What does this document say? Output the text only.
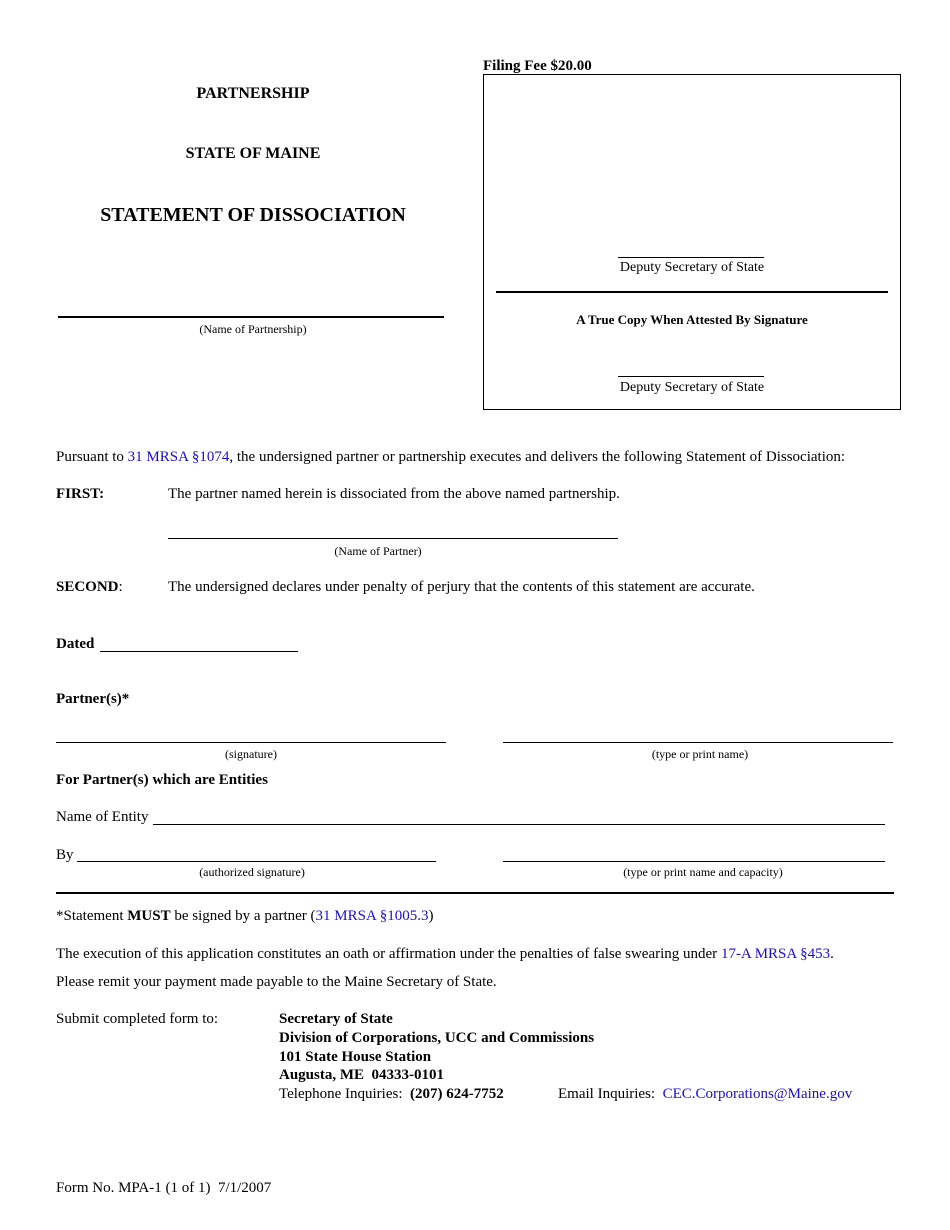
PARTNERSHIP
STATE OF MAINE
STATEMENT OF DISSOCIATION
(Name of Partnership)
Filing Fee $20.00
Deputy Secretary of State
A True Copy When Attested By Signature
Deputy Secretary of State
Pursuant to 31 MRSA §1074, the undersigned partner or partnership executes and delivers the following Statement of Dissociation:
FIRST:	The partner named herein is dissociated from the above named partnership.
(Name of Partner)
SECOND:	The undersigned declares under penalty of perjury that the contents of this statement are accurate.
Dated
Partner(s)*
(signature)	(type or print name)
For Partner(s) which are Entities
Name of Entity
By
(authorized signature)	(type or print name and capacity)
*Statement MUST be signed by a partner (31 MRSA §1005.3)
The execution of this application constitutes an oath or affirmation under the penalties of false swearing under 17-A MRSA §453.
Please remit your payment made payable to the Maine Secretary of State.
Submit completed form to:	Secretary of State
Division of Corporations, UCC and Commissions
101 State House Station
Augusta, ME  04333-0101
Telephone Inquiries: (207) 624-7752	Email Inquiries: CEC.Corporations@Maine.gov
Form No. MPA-1 (1 of 1)  7/1/2007
